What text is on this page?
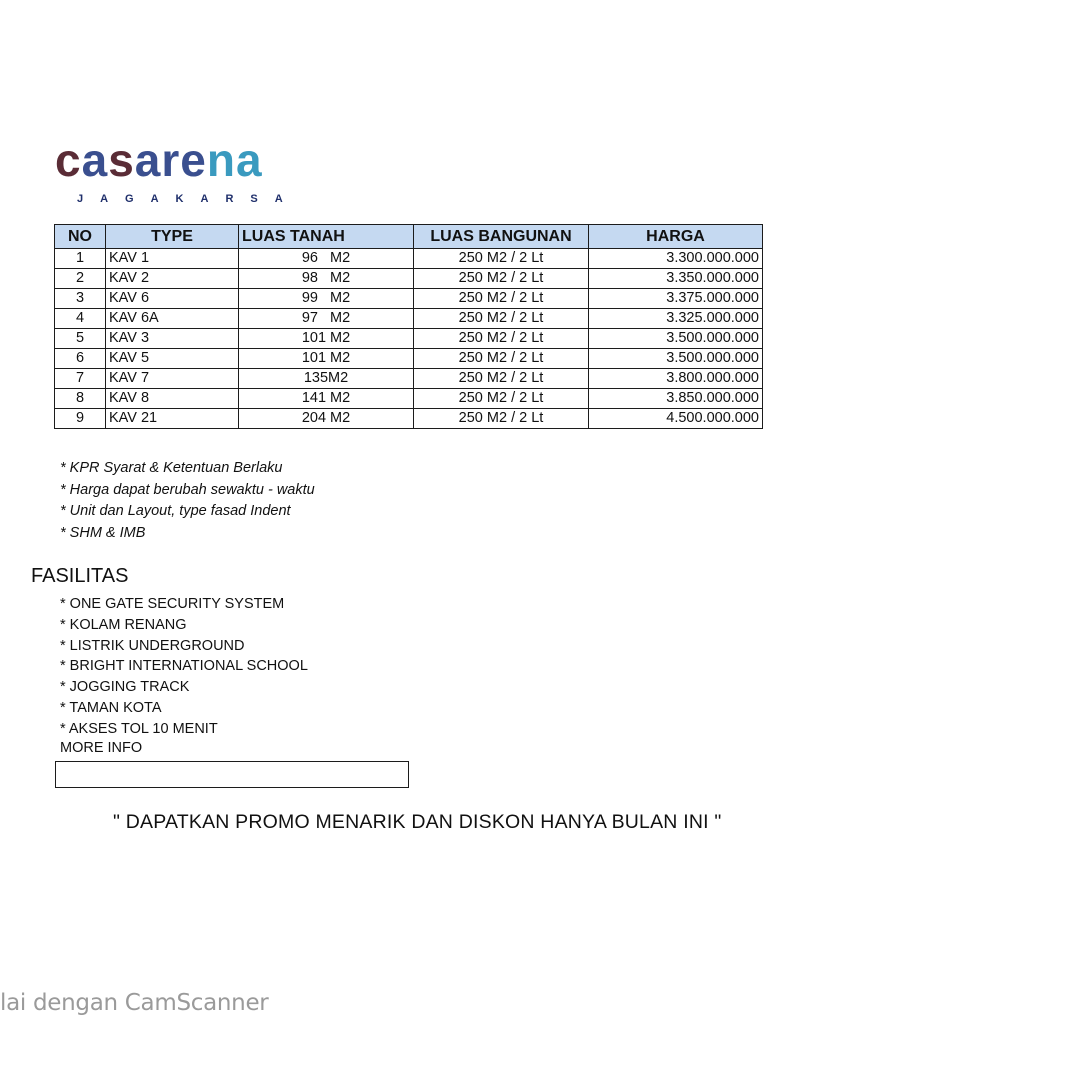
casarena
JAGAKARSA
NO	TYPE	LUAS TANAH	LUAS BANGUNAN	HARGA
1	KAV 1	96   M2	250 M2 / 2 Lt	3.300.000.000
2	KAV 2	98   M2	250 M2 / 2 Lt	3.350.000.000
3	KAV 6	99   M2	250 M2 / 2 Lt	3.375.000.000
4	KAV 6A	97   M2	250 M2 / 2 Lt	3.325.000.000
5	KAV 3	101 M2	250 M2 / 2 Lt	3.500.000.000
6	KAV 5	101 M2	250 M2 / 2 Lt	3.500.000.000
7	KAV 7	135M2	250 M2 / 2 Lt	3.800.000.000
8	KAV 8	141 M2	250 M2 / 2 Lt	3.850.000.000
9	KAV 21	204 M2	250 M2 / 2 Lt	4.500.000.000
* KPR Syarat & Ketentuan Berlaku
* Harga dapat berubah sewaktu - waktu
* Unit dan Layout, type fasad Indent
* SHM & IMB
FASILITAS
* ONE GATE SECURITY SYSTEM
* KOLAM RENANG
* LISTRIK UNDERGROUND
* BRIGHT INTERNATIONAL SCHOOL
* JOGGING TRACK
* TAMAN KOTA
* AKSES TOL 10 MENIT
MORE INFO
" DAPATKAN PROMO MENARIK DAN DISKON HANYA BULAN INI "
lai dengan CamScanner
